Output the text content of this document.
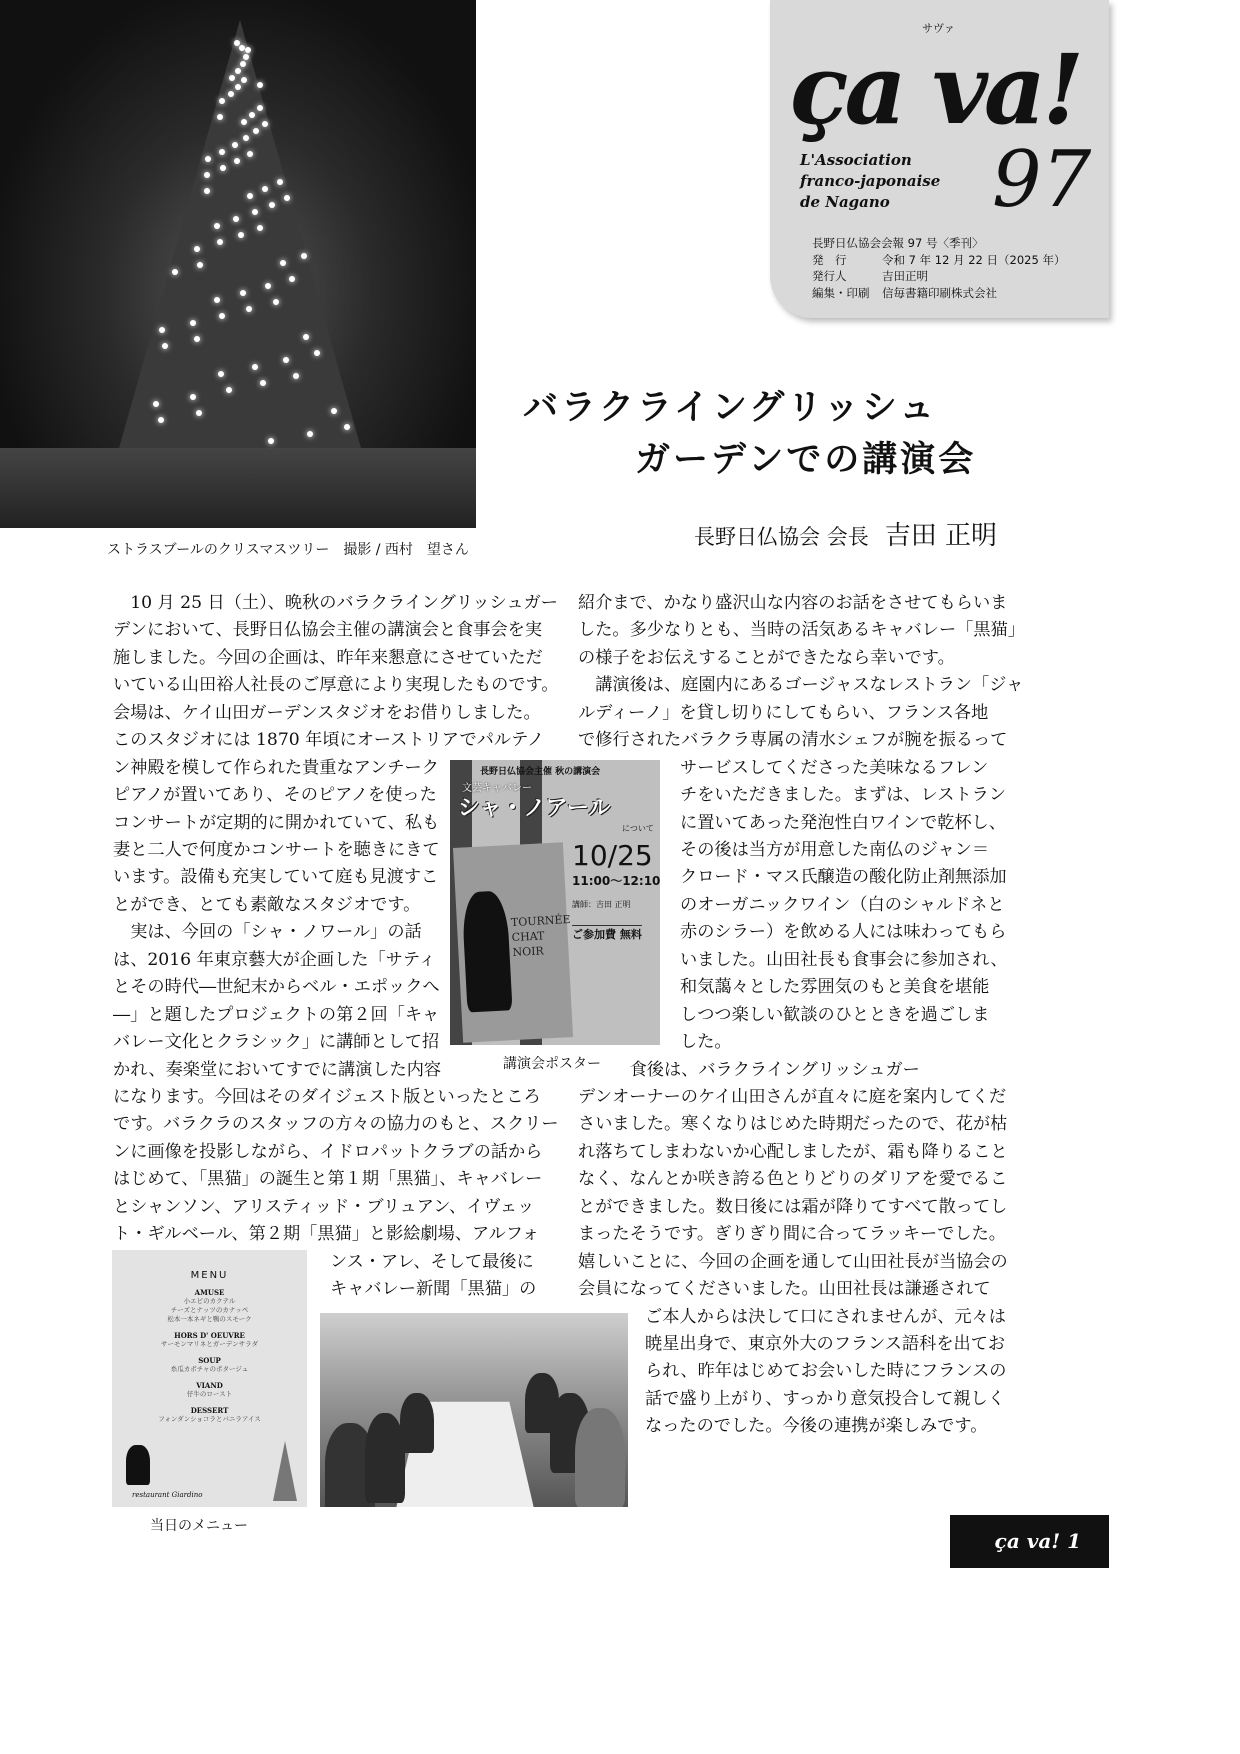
ストラスブールのクリスマスツリー　撮影 / 西村　望さん
サヴァ
ça va!
L'Association
franco-japonaise
de Nagano	97
長野日仏協会会報 97 号〈季刊〉
発　行	令和 7 年 12 月 22 日（2025 年）
発行人	吉田正明
編集・印刷 信毎書籍印刷株式会社
バラクライングリッシュ
ガーデンでの講演会
長野日仏協会 会長 吉田 正明
　10 月 25 日（土）、晩秋のバラクライングリッシュガー
デンにおいて、長野日仏協会主催の講演会と食事会を実
施しました。今回の企画は、昨年来懇意にさせていただ
いている山田裕人社長のご厚意により実現したものです。
会場は、ケイ山田ガーデンスタジオをお借りしました。
このスタジオには 1870 年頃にオーストリアでパルテノ
ン神殿を模して作られた貴重なアンチーク
ピアノが置いてあり、そのピアノを使った
コンサートが定期的に開かれていて、私も
妻と二人で何度かコンサートを聴きにきて
います。設備も充実していて庭も見渡すこ
とができ、とても素敵なスタジオです。
　実は、今回の「シャ・ノワール」の話
は、2016 年東京藝大が企画した「サティ
とその時代―世紀末からベル・エポックへ
―」と題したプロジェクトの第２回「キャ
バレー文化とクラシック」に講師として招
かれ、奏楽堂においてすでに講演した内容
になります。今回はそのダイジェスト版といったところ
です。バラクラのスタッフの方々の協力のもと、スクリー
ンに画像を投影しながら、イドロパットクラブの話から
はじめて、「黒猫」の誕生と第１期「黒猫」、キャバレー
とシャンソン、アリスティッド・ブリュアン、イヴェッ
ト・ギルベール、第２期「黒猫」と影絵劇場、アルフォ
ンス・アレ、そして最後に
キャバレー新聞「黒猫」の
紹介まで、かなり盛沢山な内容のお話をさせてもらいま
した。多少なりとも、当時の活気あるキャバレー「黒猫」
の様子をお伝えすることができたなら幸いです。
　講演後は、庭園内にあるゴージャスなレストラン「ジャ
ルディーノ」を貸し切りにしてもらい、フランス各地
で修行されたバラクラ専属の清水シェフが腕を振るって
サービスしてくださった美味なるフレン
チをいただきました。まずは、レストラン
に置いてあった発泡性白ワインで乾杯し、
その後は当方が用意した南仏のジャン＝
クロード・マス氏醸造の酸化防止剤無添加
のオーガニックワイン（白のシャルドネと
赤のシラー）を飲める人には味わってもら
いました。山田社長も食事会に参加され、
和気藹々とした雰囲気のもと美食を堪能
しつつ楽しい歓談のひとときを過ごしま
した。
　　　食後は、バラクライングリッシュガー
デンオーナーのケイ山田さんが直々に庭を案内してくだ
さいました。寒くなりはじめた時期だったので、花が枯
れ落ちてしまわないか心配しましたが、霜も降りること
なく、なんとか咲き誇る色とりどりのダリアを愛でるこ
とができました。数日後には霜が降りてすべて散ってし
まったそうです。ぎりぎり間に合ってラッキーでした。
嬉しいことに、今回の企画を通して山田社長が当協会の
会員になってくださいました。山田社長は謙遜されて
ご本人からは決して口にされませんが、元々は
暁星出身で、東京外大のフランス語科を出てお
られ、昨年はじめてお会いした時にフランスの
話で盛り上がり、すっかり意気投合して親しく
なったのでした。今後の連携が楽しみです。
長野日仏協会主催 秋の講演会
文芸キャバレー
シャ・ノアール
について
TOURNÉE CHAT NOIR
10/25
11:00〜12:10
講師：吉田 正明
ご参加費 無料
講演会ポスター
MENU
AMUSE
小エビのカクテル
チーズとナッツのカナッペ
松本一本ネギと鴨のスモーク
HORS D' OEUVRE
サーモンマリネとガーデンサラダ
SOUP
糸瓜カボチャのポタージュ
VIAND
仔牛のロースト
DESSERT
フォンダンショコラとバニラアイス
restaurant Giardino
当日のメニュー
ça va! 1
